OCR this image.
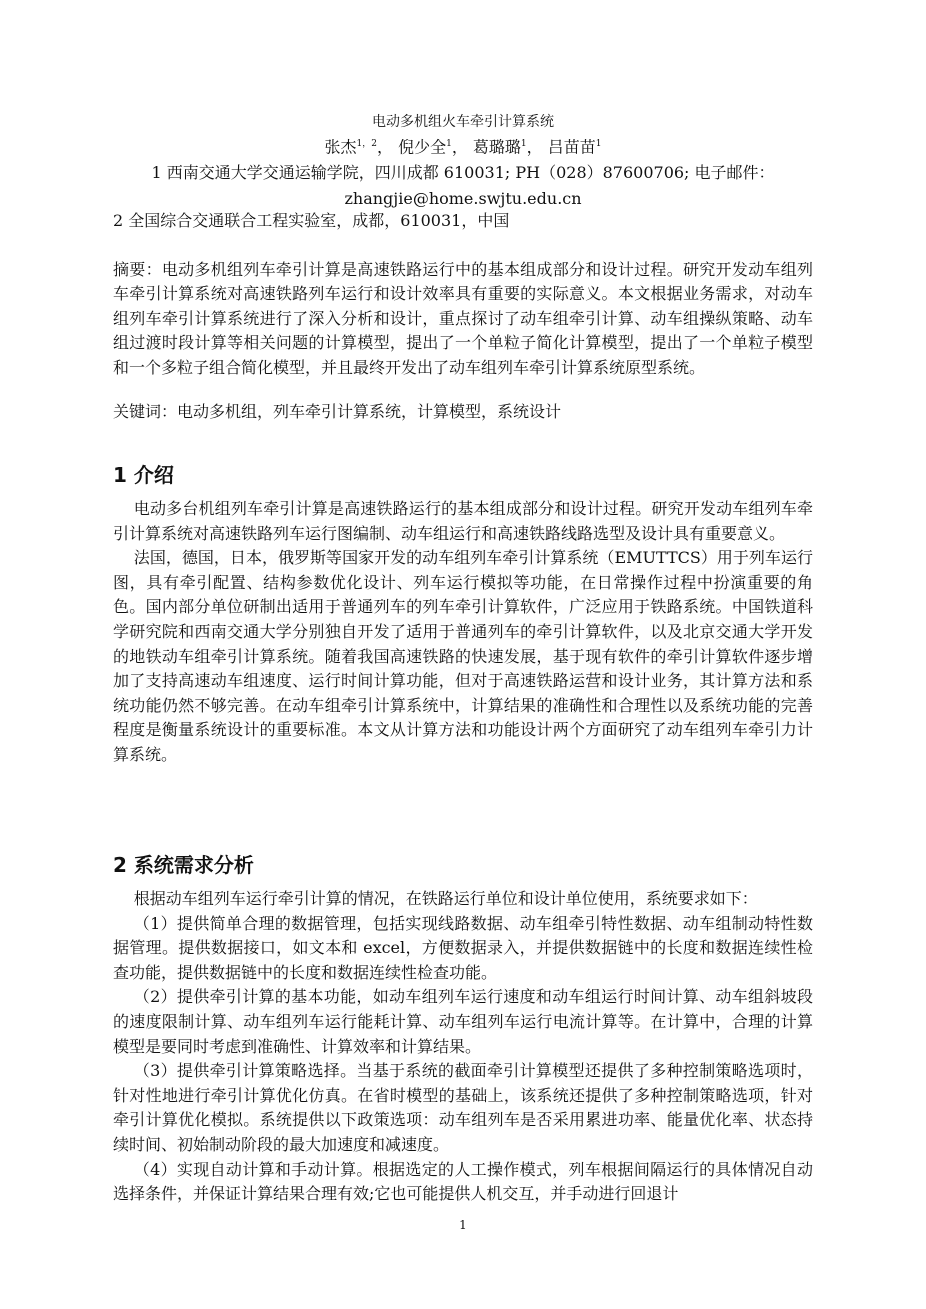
电动多机组火车牵引计算系统
张杰$^{1,2}$， 倪少全$^1$， 葛璐璐$^1$， 吕苗苗$^1$
1 西南交通大学交通运输学院，四川成都 610031; PH（028）87600706; 电子邮件：zhangjie@home.swjtu.edu.cn
2 全国综合交通联合工程实验室，成都，610031，中国

摘要：电动多机组列车牵引计算是高速铁路运行中的基本组成部分和设计过程。研究开发动车组列车牵引计算系统对高速铁路列车运行和设计效率具有重要的实际意义。本文根据业务需求，对动车组列车牵引计算系统进行了深入分析和设计，重点探讨了动车组牵引计算、动车组操纵策略、动车组过渡时段计算等相关问题的计算模型，提出了一个单粒子简化计算模型，提出了一个单粒子模型和一个多粒子组合简化模型，并且最终开发出了动车组列车牵引计算系统原型系统。

关键词：电动多机组，列车牵引计算系统，计算模型，系统设计
1 介绍

电动多台机组列车牵引计算是高速铁路运行的基本组成部分和设计过程。研究开发动车组列车牵引计算系统对高速铁路列车运行图编制、动车组运行和高速铁路线路选型及设计具有重要意义。

法国，德国，日本，俄罗斯等国家开发的动车组列车牵引计算系统（EMUTTCS）用于列车运行图，具有牵引配置、结构参数优化设计、列车运行模拟等功能，在日常操作过程中扮演重要的角色。国内部分单位研制出适用于普通列车的列车牵引计算软件，广泛应用于铁路系统。中国铁道科学研究院和西南交通大学分别独自开发了适用于普通列车的牵引计算软件，以及北京交通大学开发的地铁动车组牵引计算系统。随着我国高速铁路的快速发展，基于现有软件的牵引计算软件逐步增加了支持高速动车组速度、运行时间计算功能，但对于高速铁路运营和设计业务，其计算方法和系统功能仍然不够完善。在动车组牵引计算系统中，计算结果的准确性和合理性以及系统功能的完善程度是衡量系统设计的重要标准。本文从计算方法和功能设计两个方面研究了动车组列车牵引力计算系统。

2 系统需求分析

根据动车组列车运行牵引计算的情况，在铁路运行单位和设计单位使用，系统要求如下：

（1）提供简单合理的数据管理，包括实现线路数据、动车组牵引特性数据、动车组制动特性数据管理。提供数据接口，如文本和 excel，方便数据录入，并提供数据链中的长度和数据连续性检查功能，提供数据链中的长度和数据连续性检查功能。

（2）提供牵引计算的基本功能，如动车组列车运行速度和动车组运行时间计算、动车组斜坡段的速度限制计算、动车组列车运行能耗计算、动车组列车运行电流计算等。在计算中，合理的计算模型是要同时考虑到准确性、计算效率和计算结果。

（3）提供牵引计算策略选择。当基于系统的截面牵引计算模型还提供了多种控制策略选项时，针对性地进行牵引计算优化仿真。在省时模型的基础上，该系统还提供了多种控制策略选项，针对牵引计算优化模拟。系统提供以下政策选项：动车组列车是否采用累进功率、能量优化率、状态持续时间、初始制动阶段的最大加速度和减速度。

（4）实现自动计算和手动计算。根据选定的人工操作模式，列车根据间隔运行的具体情况自动选择条件，并保证计算结果合理有效;它也可能提供人机交互，并手动进行回退计

1
